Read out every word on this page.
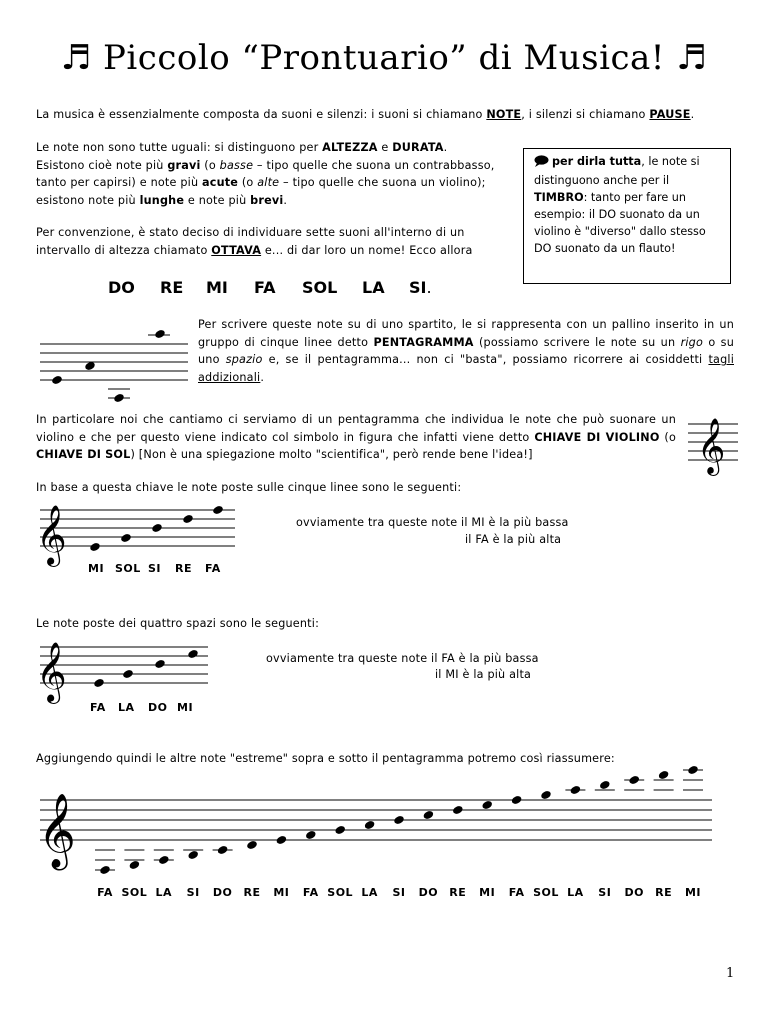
♬ Piccolo “Prontuario” di Musica! ♬
La musica è essenzialmente composta da suoni e silenzi: i suoni si chiamano NOTE, i silenzi si chiamano PAUSE.
Le note non sono tutte uguali: si distinguono per ALTEZZA e DURATA.
Esistono cioè note più gravi (o basse – tipo quelle che suona un contrabbasso,
tanto per capirsi) e note più acute (o alte – tipo quelle che suona un violino);
esistono note più lunghe e note più brevi.
Per convenzione, è stato deciso di individuare sette suoni all'interno di un
intervallo di altezza chiamato OTTAVA e... di dar loro un nome! Ecco allora
per dirla tutta, le note si distinguono anche per il TIMBRO: tanto per fare un esempio: il DO suonato da un violino è "diverso" dallo stesso DO suonato da un flauto!
DO RE MI FA SOL LA SI.
Per scrivere queste note su di uno spartito, le si rappresenta con un pallino inserito in un gruppo di cinque linee detto PENTAGRAMMA (possiamo scrivere le note su un rigo o su uno spazio e, se il pentagramma... non ci "basta", possiamo ricorrere ai cosiddetti tagli addizionali.
In particolare noi che cantiamo ci serviamo di un pentagramma che individua le note che può suonare un violino e che per questo viene indicato col simbolo in figura che infatti viene detto CHIAVE DI VIOLINO (o CHIAVE DI SOL) [Non è una spiegazione molto "scientifica", però rende bene l'idea!]	𝄞
In base a questa chiave le note poste sulle cinque linee sono le seguenti:
𝄞
MI SOL SI RE FA
ovviamente tra queste note il MI è la più bassa
il FA è la più alta
Le note poste dei quattro spazi sono le seguenti:
𝄞
FA LA DO MI
ovviamente tra queste note il FA è la più bassa
il MI è la più alta
Aggiungendo quindi le altre note "estreme" sopra e sotto il pentagramma potremo così riassumere:
𝄞
FA SOL LA	SI	DO	RE	MI	FA SOL LA	SI	DO	RE	MI	FA SOL LA	SI	DO	RE	MI
1
